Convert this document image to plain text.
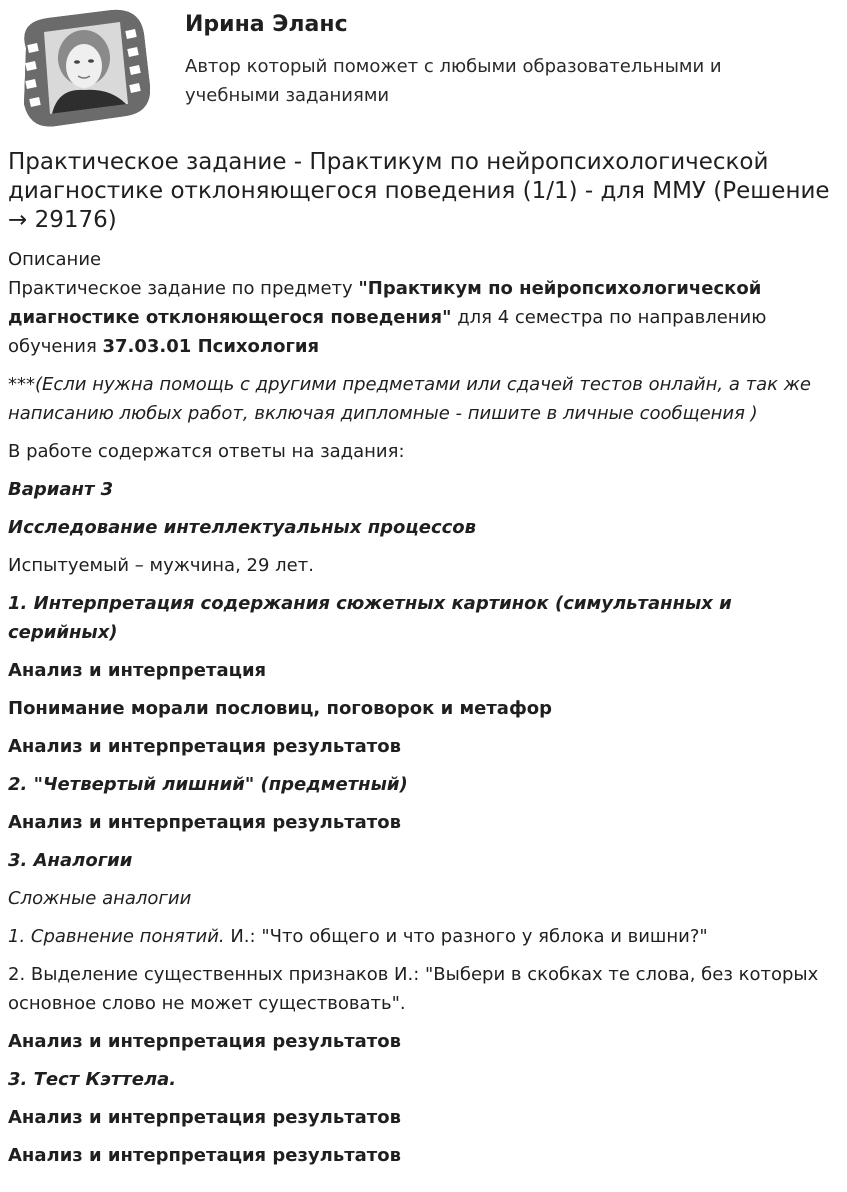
Ирина Эланс

Автор который поможет с любыми образовательными и учебными заданиями

Практическое задание - Практикум по нейропсихологической диагностике отклоняющегося поведения (1/1) - для ММУ (Решение → 29176)

Описание

Практическое задание по предмету "Практикум по нейропсихологической диагностике отклоняющегося поведения" для 4 семестра по направлению обучения 37.03.01 Психология

***(Если нужна помощь с другими предметами или сдачей тестов онлайн, а так же написанию любых работ, включая дипломные - пишите в личные сообщения )

В работе содержатся ответы на задания:

Вариант 3

Исследование интеллектуальных процессов

Испытуемый – мужчина, 29 лет.

1. Интерпретация содержания сюжетных картинок (симультанных и серийных)

Анализ и интерпретация

Понимание морали пословиц, поговорок и метафор

Анализ и интерпретация результатов

2. "Четвертый лишний" (предметный)

Анализ и интерпретация результатов

3. Аналогии

Сложные аналогии

1. Сравнение понятий. И.: "Что общего и что разного у яблока и вишни?"

2. Выделение существенных признаков И.: "Выбери в скобках те слова, без которых основное слово не может существовать".

Анализ и интерпретация результатов

3. Тест Кэттела.

Анализ и интерпретация результатов

Анализ и интерпретация результатов
